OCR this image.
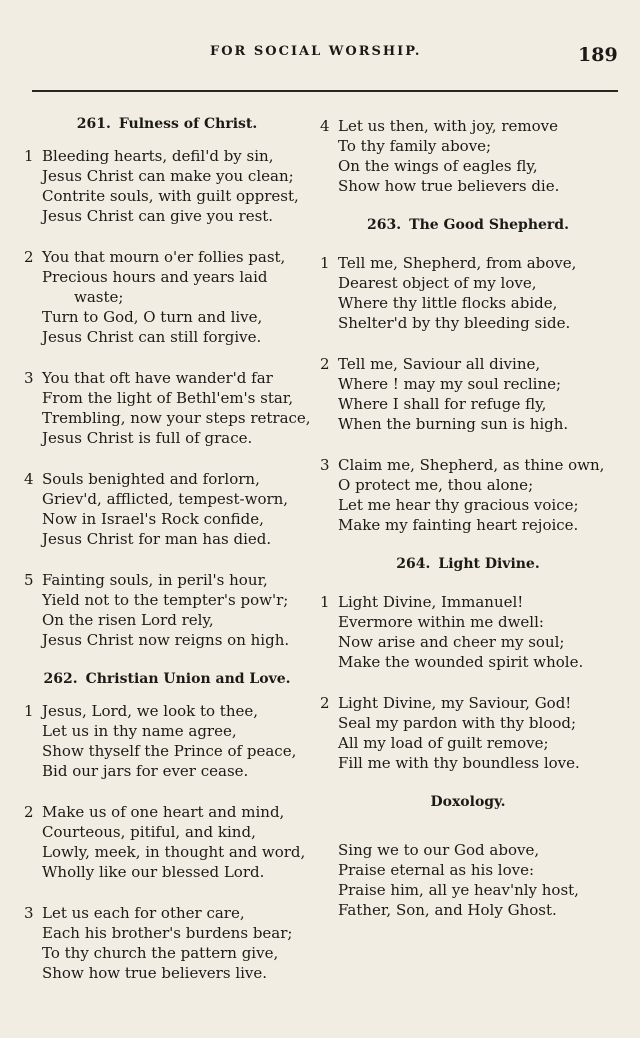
FOR SOCIAL WORSHIP.	189
261. Fulness of Christ.
1 Bleeding hearts, defil'd by sin,
Jesus Christ can make you clean;
Contrite souls, with guilt opprest,
Jesus Christ can give you rest.
2 You that mourn o'er follies past,
Precious hours and years laid
waste;
Turn to God, O turn and live,
Jesus Christ can still forgive.
3 You that oft have wander'd far
From the light of Bethl'em's star,
Trembling, now your steps retrace,
Jesus Christ is full of grace.
4 Souls benighted and forlorn,
Griev'd, afflicted, tempest-worn,
Now in Israel's Rock confide,
Jesus Christ for man has died.
5 Fainting souls, in peril's hour,
Yield not to the tempter's pow'r;
On the risen Lord rely,
Jesus Christ now reigns on high.
262. Christian Union and Love.
1 Jesus, Lord, we look to thee,
Let us in thy name agree,
Show thyself the Prince of peace,
Bid our jars for ever cease.
2 Make us of one heart and mind,
Courteous, pitiful, and kind,
Lowly, meek, in thought and word,
Wholly like our blessed Lord.
3 Let us each for other care,
Each his brother's burdens bear;
To thy church the pattern give,
Show how true believers live.
4 Let us then, with joy, remove
To thy family above;
On the wings of eagles fly,
Show how true believers die.
263. The Good Shepherd.
1 Tell me, Shepherd, from above,
Dearest object of my love,
Where thy little flocks abide,
Shelter'd by thy bleeding side.
2 Tell me, Saviour all divine,
Where ! may my soul recline;
Where I shall for refuge fly,
When the burning sun is high.
3 Claim me, Shepherd, as thine own,
O protect me, thou alone;
Let me hear thy gracious voice;
Make my fainting heart rejoice.
264. Light Divine.
1 Light Divine, Immanuel!
Evermore within me dwell:
Now arise and cheer my soul;
Make the wounded spirit whole.
2 Light Divine, my Saviour, God!
Seal my pardon with thy blood;
All my load of guilt remove;
Fill me with thy boundless love.
Doxology.
Sing we to our God above,
Praise eternal as his love:
Praise him, all ye heav'nly host,
Father, Son, and Holy Ghost.
